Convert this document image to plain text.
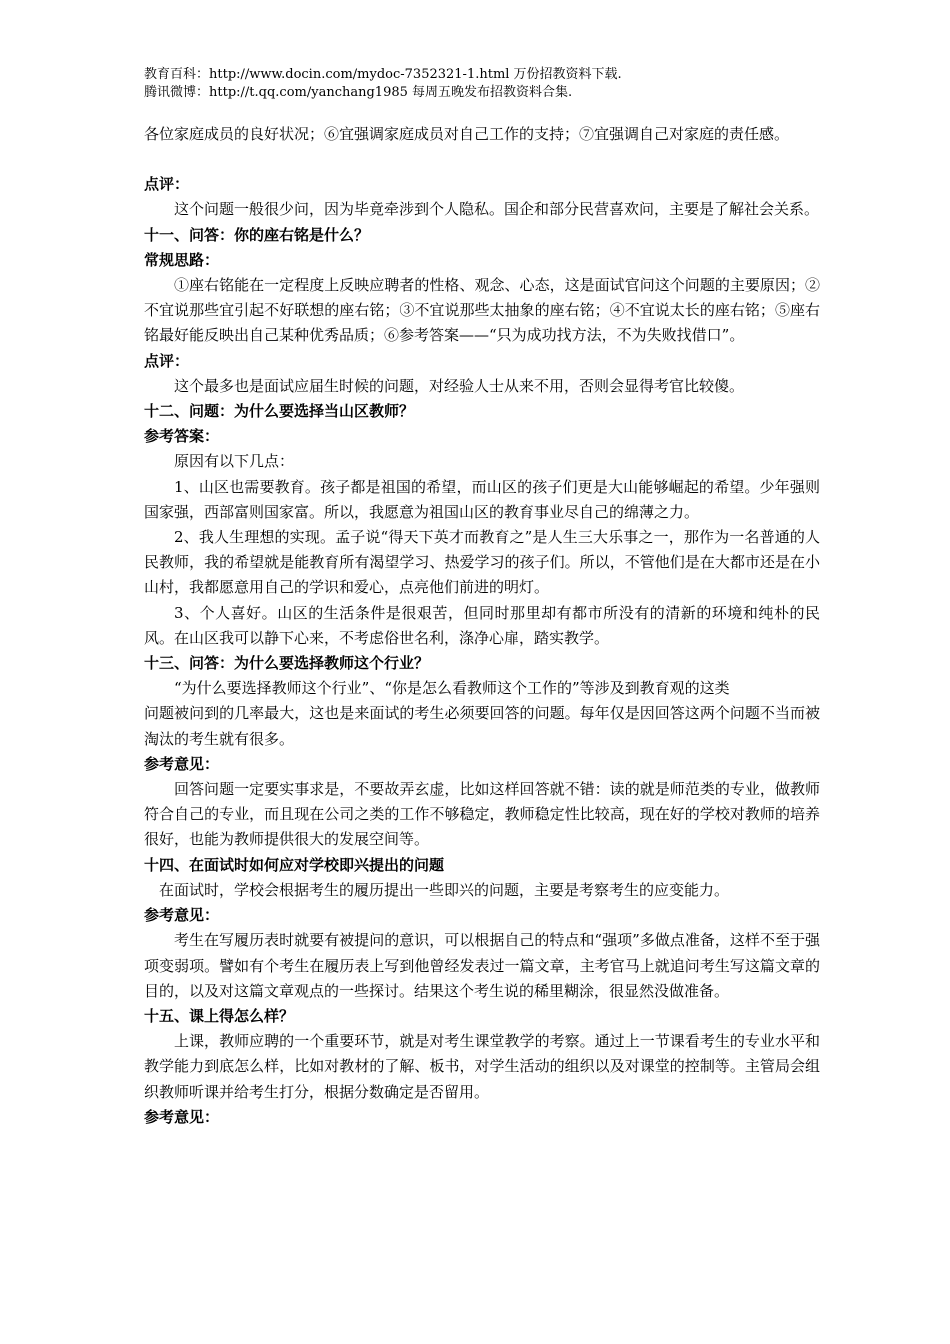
教育百科：http://www.docin.com/mydoc-7352321-1.html 万份招教资料下载.
腾讯微博：http://t.qq.com/yanchang1985 每周五晚发布招教资料合集.

各位家庭成员的良好状况；⑥宜强调家庭成员对自己工作的支持；⑦宜强调自己对家庭的责任感。

点评：

这个问题一般很少问，因为毕竟牵涉到个人隐私。国企和部分民营喜欢问，主要是了解社会关系。

十一、问答：你的座右铭是什么？

常规思路：

①座右铭能在一定程度上反映应聘者的性格、观念、心态，这是面试官问这个问题的主要原因；②不宜说那些宜引起不好联想的座右铭；③不宜说那些太抽象的座右铭；④不宜说太长的座右铭；⑤座右铭最好能反映出自己某种优秀品质；⑥参考答案——“只为成功找方法，不为失败找借口”。

点评：

这个最多也是面试应届生时候的问题，对经验人士从来不用，否则会显得考官比较傻。

十二、问题：为什么要选择当山区教师？

参考答案：

原因有以下几点：

1、山区也需要教育。孩子都是祖国的希望，而山区的孩子们更是大山能够崛起的希望。少年强则国家强，西部富则国家富。所以，我愿意为祖国山区的教育事业尽自己的绵薄之力。

2、我人生理想的实现。孟子说“得天下英才而教育之”是人生三大乐事之一，那作为一名普通的人民教师，我的希望就是能教育所有渴望学习、热爱学习的孩子们。所以，不管他们是在大都市还是在小山村，我都愿意用自己的学识和爱心，点亮他们前进的明灯。

3、个人喜好。山区的生活条件是很艰苦，但同时那里却有都市所没有的清新的环境和纯朴的民风。在山区我可以静下心来，不考虑俗世名利，涤净心扉，踏实教学。

十三、问答：为什么要选择教师这个行业？

“为什么要选择教师这个行业”、“你是怎么看教师这个工作的”等涉及到教育观的这类

问题被问到的几率最大，这也是来面试的考生必须要回答的问题。每年仅是因回答这两个问题不当而被淘汰的考生就有很多。

参考意见：

回答问题一定要实事求是，不要故弄玄虚，比如这样回答就不错：读的就是师范类的专业，做教师符合自己的专业，而且现在公司之类的工作不够稳定，教师稳定性比较高，现在好的学校对教师的培养很好，也能为教师提供很大的发展空间等。

十四、在面试时如何应对学校即兴提出的问题

在面试时，学校会根据考生的履历提出一些即兴的问题，主要是考察考生的应变能力。

参考意见：

考生在写履历表时就要有被提问的意识，可以根据自己的特点和“强项”多做点准备，这样不至于强项变弱项。譬如有个考生在履历表上写到他曾经发表过一篇文章，主考官马上就追问考生写这篇文章的目的，以及对这篇文章观点的一些探讨。结果这个考生说的稀里糊涂，很显然没做准备。

十五、课上得怎么样？

上课，教师应聘的一个重要环节，就是对考生课堂教学的考察。通过上一节课看考生的专业水平和教学能力到底怎么样，比如对教材的了解、板书，对学生活动的组织以及对课堂的控制等。主管局会组织教师听课并给考生打分，根据分数确定是否留用。

参考意见：
